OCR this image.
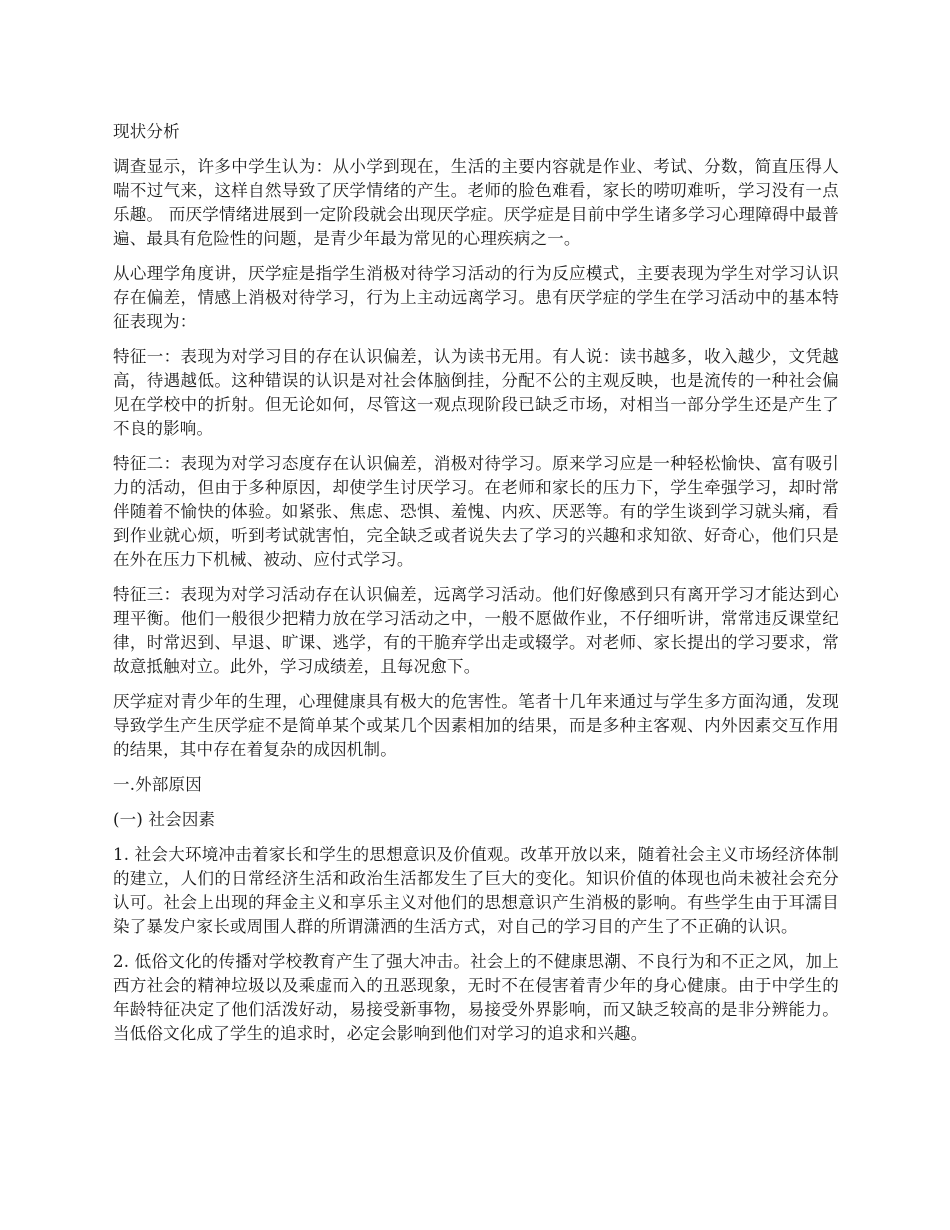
现状分析

调查显示，许多中学生认为：从小学到现在，生活的主要内容就是作业、考试、分数，简直压得人喘不过气来，这样自然导致了厌学情绪的产生。老师的脸色难看，家长的唠叨难听，学习没有一点乐趣。 而厌学情绪进展到一定阶段就会出现厌学症。厌学症是目前中学生诸多学习心理障碍中最普遍、最具有危险性的问题，是青少年最为常见的心理疾病之一。

从心理学角度讲，厌学症是指学生消极对待学习活动的行为反应模式，主要表现为学生对学习认识存在偏差，情感上消极对待学习，行为上主动远离学习。患有厌学症的学生在学习活动中的基本特征表现为：

特征一：表现为对学习目的存在认识偏差，认为读书无用。有人说：读书越多，收入越少，文凭越高，待遇越低。这种错误的认识是对社会体脑倒挂，分配不公的主观反映，也是流传的一种社会偏见在学校中的折射。但无论如何，尽管这一观点现阶段已缺乏市场，对相当一部分学生还是产生了不良的影响。

特征二：表现为对学习态度存在认识偏差，消极对待学习。原来学习应是一种轻松愉快、富有吸引力的活动，但由于多种原因，却使学生讨厌学习。在老师和家长的压力下，学生牵强学习，却时常伴随着不愉快的体验。如紧张、焦虑、恐惧、羞愧、内疚、厌恶等。有的学生谈到学习就头痛，看到作业就心烦，听到考试就害怕，完全缺乏或者说失去了学习的兴趣和求知欲、好奇心，他们只是在外在压力下机械、被动、应付式学习。

特征三：表现为对学习活动存在认识偏差，远离学习活动。他们好像感到只有离开学习才能达到心理平衡。他们一般很少把精力放在学习活动之中，一般不愿做作业，不仔细听讲，常常违反课堂纪律，时常迟到、早退、旷课、逃学，有的干脆弃学出走或辍学。对老师、家长提出的学习要求，常故意抵触对立。此外，学习成绩差，且每况愈下。

厌学症对青少年的生理，心理健康具有极大的危害性。笔者十几年来通过与学生多方面沟通，发现导致学生产生厌学症不是简单某个或某几个因素相加的结果，而是多种主客观、内外因素交互作用的结果，其中存在着复杂的成因机制。

一.外部原因

(一) 社会因素

1. 社会大环境冲击着家长和学生的思想意识及价值观。改革开放以来，随着社会主义市场经济体制的建立，人们的日常经济生活和政治生活都发生了巨大的变化。知识价值的体现也尚未被社会充分认可。社会上出现的拜金主义和享乐主义对他们的思想意识产生消极的影响。有些学生由于耳濡目染了暴发户家长或周围人群的所谓潇洒的生活方式，对自己的学习目的产生了不正确的认识。

2. 低俗文化的传播对学校教育产生了强大冲击。社会上的不健康思潮、不良行为和不正之风，加上西方社会的精神垃圾以及乘虚而入的丑恶现象，无时不在侵害着青少年的身心健康。由于中学生的年龄特征决定了他们活泼好动，易接受新事物，易接受外界影响，而又缺乏较高的是非分辨能力。当低俗文化成了学生的追求时，必定会影响到他们对学习的追求和兴趣。
